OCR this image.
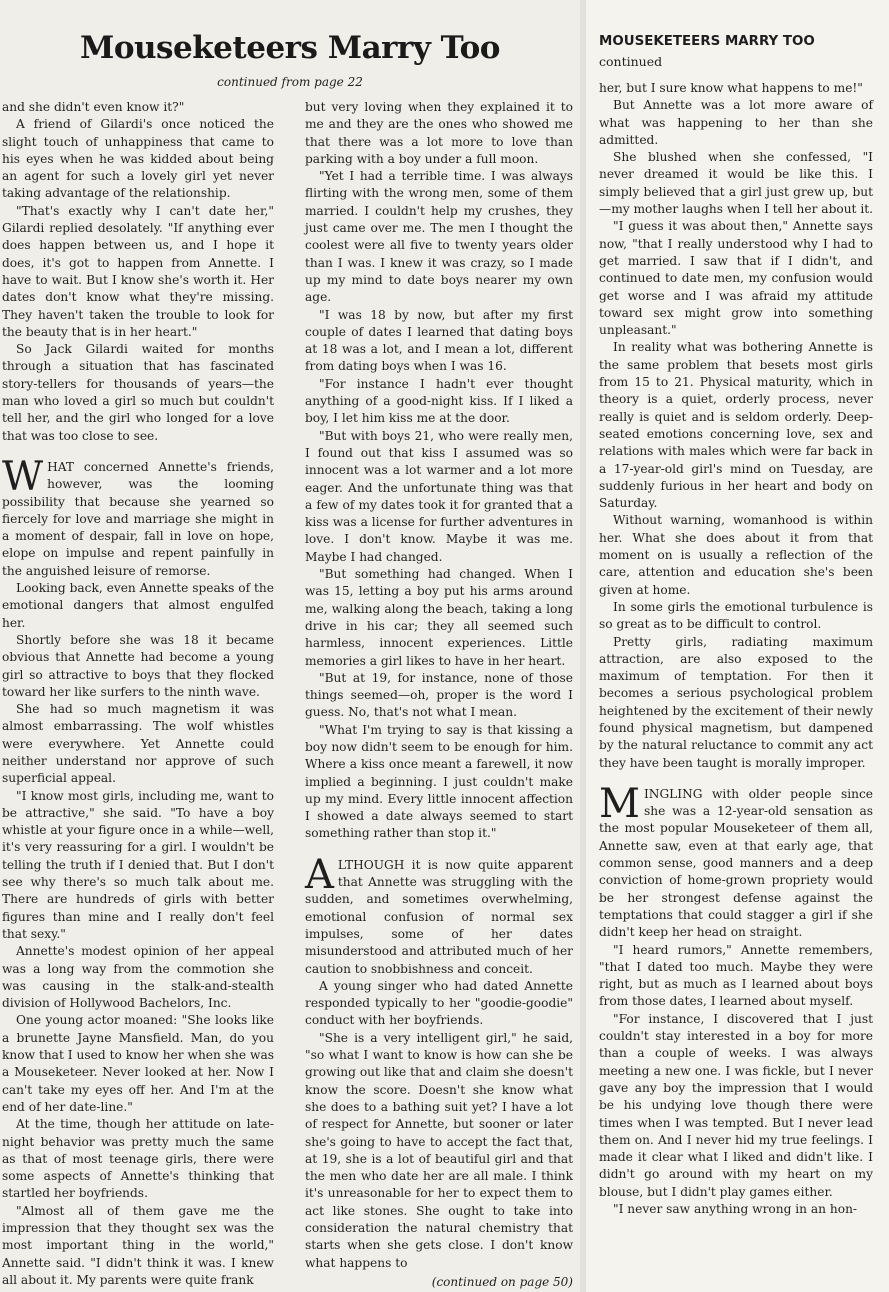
Mouseketeers Marry Too
continued from page 22

and she didn't even know it?"

A friend of Gilardi's once noticed the slight touch of unhappiness that came to his eyes when he was kidded about being an agent for such a lovely girl yet never taking advantage of the relationship.

"That's exactly why I can't date her," Gilardi replied desolately. "If anything ever does happen between us, and I hope it does, it's got to happen from Annette. I have to wait. But I know she's worth it. Her dates don't know what they're missing. They haven't taken the trouble to look for the beauty that is in her heart."

So Jack Gilardi waited for months through a situation that has fascinated story-tellers for thousands of years—the man who loved a girl so much but couldn't tell her, and the girl who longed for a love that was too close to see.

WHAT concerned Annette's friends, however, was the looming possibility that because she yearned so fiercely for love and marriage she might in a moment of despair, fall in love on hope, elope on impulse and repent painfully in the anguished leisure of remorse.

Looking back, even Annette speaks of the emotional dangers that almost engulfed her.

Shortly before she was 18 it became obvious that Annette had become a young girl so attractive to boys that they flocked toward her like surfers to the ninth wave.

She had so much magnetism it was almost embarrassing. The wolf whistles were everywhere. Yet Annette could neither understand nor approve of such superficial appeal.

"I know most girls, including me, want to be attractive," she said. "To have a boy whistle at your figure once in a while—well, it's very reassuring for a girl. I wouldn't be telling the truth if I denied that. But I don't see why there's so much talk about me. There are hundreds of girls with better figures than mine and I really don't feel that sexy."

Annette's modest opinion of her appeal was a long way from the commotion she was causing in the stalk-and-stealth division of Hollywood Bachelors, Inc.

One young actor moaned: "She looks like a brunette Jayne Mansfield. Man, do you know that I used to know her when she was a Mouseketeer. Never looked at her. Now I can't take my eyes off her. And I'm at the end of her date-line."

At the time, though her attitude on late-night behavior was pretty much the same as that of most teenage girls, there were some aspects of Annette's thinking that startled her boyfriends.

"Almost all of them gave me the impression that they thought sex was the most important thing in the world," Annette said. "I didn't think it was. I knew all about it. My parents were quite frank

but very loving when they explained it to me and they are the ones who showed me that there was a lot more to love than parking with a boy under a full moon.

"Yet I had a terrible time. I was always flirting with the wrong men, some of them married. I couldn't help my crushes, they just came over me. The men I thought the coolest were all five to twenty years older than I was. I knew it was crazy, so I made up my mind to date boys nearer my own age.

"I was 18 by now, but after my first couple of dates I learned that dating boys at 18 was a lot, and I mean a lot, different from dating boys when I was 16.

"For instance I hadn't ever thought anything of a good-night kiss. If I liked a boy, I let him kiss me at the door.

"But with boys 21, who were really men, I found out that kiss I assumed was so innocent was a lot warmer and a lot more eager. And the unfortunate thing was that a few of my dates took it for granted that a kiss was a license for further adventures in love. I don't know. Maybe it was me. Maybe I had changed.

"But something had changed. When I was 15, letting a boy put his arms around me, walking along the beach, taking a long drive in his car; they all seemed such harmless, innocent experiences. Little memories a girl likes to have in her heart.

"But at 19, for instance, none of those things seemed—oh, proper is the word I guess. No, that's not what I mean.

"What I'm trying to say is that kissing a boy now didn't seem to be enough for him. Where a kiss once meant a farewell, it now implied a beginning. I just couldn't make up my mind. Every little innocent affection I showed a date always seemed to start something rather than stop it."

ALTHOUGH it is now quite apparent that Annette was struggling with the sudden, and sometimes overwhelming, emotional confusion of normal sex impulses, some of her dates misunderstood and attributed much of her caution to snobbishness and conceit.

A young singer who had dated Annette responded typically to her "goodie-goodie" conduct with her boyfriends.

"She is a very intelligent girl," he said, "so what I want to know is how can she be growing out like that and claim she doesn't know the score. Doesn't she know what she does to a bathing suit yet? I have a lot of respect for Annette, but sooner or later she's going to have to accept the fact that, at 19, she is a lot of beautiful girl and that the men who date her are all male. I think it's unreasonable for her to expect them to act like stones. She ought to take into consideration the natural chemistry that starts when she gets close. I don't know what happens to

(continued on page 50)
MOUSEKETEERS MARRY TOO
continued

her, but I sure know what happens to me!"

But Annette was a lot more aware of what was happening to her than she admitted.

She blushed when she confessed, "I never dreamed it would be like this. I simply believed that a girl just grew up, but—my mother laughs when I tell her about it.

"I guess it was about then," Annette says now, "that I really understood why I had to get married. I saw that if I didn't, and continued to date men, my confusion would get worse and I was afraid my attitude toward sex might grow into something unpleasant."

In reality what was bothering Annette is the same problem that besets most girls from 15 to 21. Physical maturity, which in theory is a quiet, orderly process, never really is quiet and is seldom orderly. Deep-seated emotions concerning love, sex and relations with males which were far back in a 17-year-old girl's mind on Tuesday, are suddenly furious in her heart and body on Saturday.

Without warning, womanhood is within her. What she does about it from that moment on is usually a reflection of the care, attention and education she's been given at home.

In some girls the emotional turbulence is so great as to be difficult to control.

Pretty girls, radiating maximum attraction, are also exposed to the maximum of temptation. For then it becomes a serious psychological problem heightened by the excitement of their newly found physical magnetism, but dampened by the natural reluctance to commit any act they have been taught is morally improper.

MINGLING with older people since she was a 12-year-old sensation as the most popular Mouseketeer of them all, Annette saw, even at that early age, that common sense, good manners and a deep conviction of home-grown propriety would be her strongest defense against the temptations that could stagger a girl if she didn't keep her head on straight.

"I heard rumors," Annette remembers, "that I dated too much. Maybe they were right, but as much as I learned about boys from those dates, I learned about myself.

"For instance, I discovered that I just couldn't stay interested in a boy for more than a couple of weeks. I was always meeting a new one. I was fickle, but I never gave any boy the impression that I would be his undying love though there were times when I was tempted. But I never lead them on. And I never hid my true feelings. I made it clear what I liked and didn't like. I didn't go around with my heart on my blouse, but I didn't play games either.

"I never saw anything wrong in an hon-
